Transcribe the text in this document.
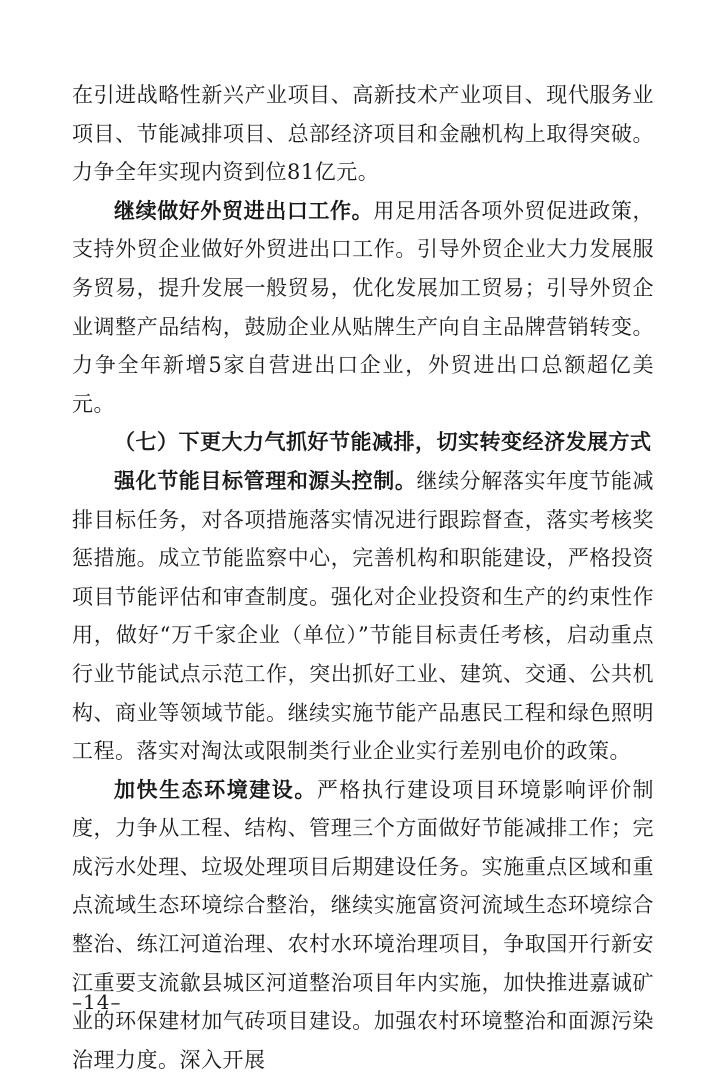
在引进战略性新兴产业项目、高新技术产业项目、现代服务业项目、节能减排项目、总部经济项目和金融机构上取得突破。力争全年实现内资到位81亿元。

继续做好外贸进出口工作。用足用活各项外贸促进政策，支持外贸企业做好外贸进出口工作。引导外贸企业大力发展服务贸易，提升发展一般贸易，优化发展加工贸易；引导外贸企业调整产品结构，鼓励企业从贴牌生产向自主品牌营销转变。力争全年新增5家自营进出口企业，外贸进出口总额超亿美元。

（七）下更大力气抓好节能减排，切实转变经济发展方式

强化节能目标管理和源头控制。继续分解落实年度节能减排目标任务，对各项措施落实情况进行跟踪督查，落实考核奖惩措施。成立节能监察中心，完善机构和职能建设，严格投资项目节能评估和审查制度。强化对企业投资和生产的约束性作用，做好“万千家企业（单位）”节能目标责任考核，启动重点行业节能试点示范工作，突出抓好工业、建筑、交通、公共机构、商业等领域节能。继续实施节能产品惠民工程和绿色照明工程。落实对淘汰或限制类行业企业实行差别电价的政策。

加快生态环境建设。严格执行建设项目环境影响评价制度，力争从工程、结构、管理三个方面做好节能减排工作；完成污水处理、垃圾处理项目后期建设任务。实施重点区域和重点流域生态环境综合整治，继续实施富资河流域生态环境综合整治、练江河道治理、农村水环境治理项目，争取国开行新安江重要支流歙县城区河道整治项目年内实施，加快推进嘉诚矿业的环保建材加气砖项目建设。加强农村环境整治和面源污染治理力度。深入开展

–14–
